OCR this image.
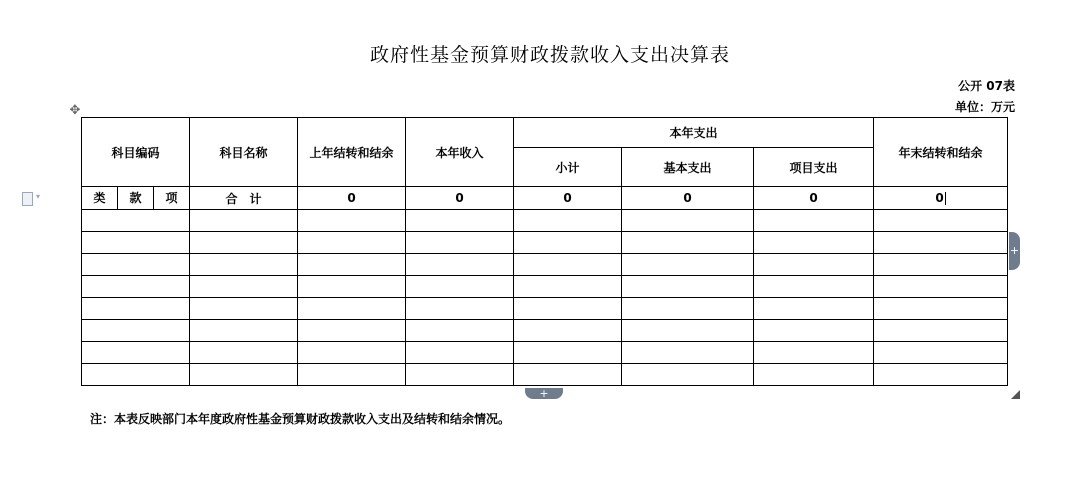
政府性基金预算财政拨款收入支出决算表
公开 07表
单位：万元
✥
▾
科目编码	科目名称	上年结转和结余	本年收入	本年支出			年末结转和结余
				小计	基本支出	项目支出	

类 款 项	合　计	0	0	0	0	0	0

+
+
注：本表反映部门本年度政府性基金预算财政拨款收入支出及结转和结余情况。
